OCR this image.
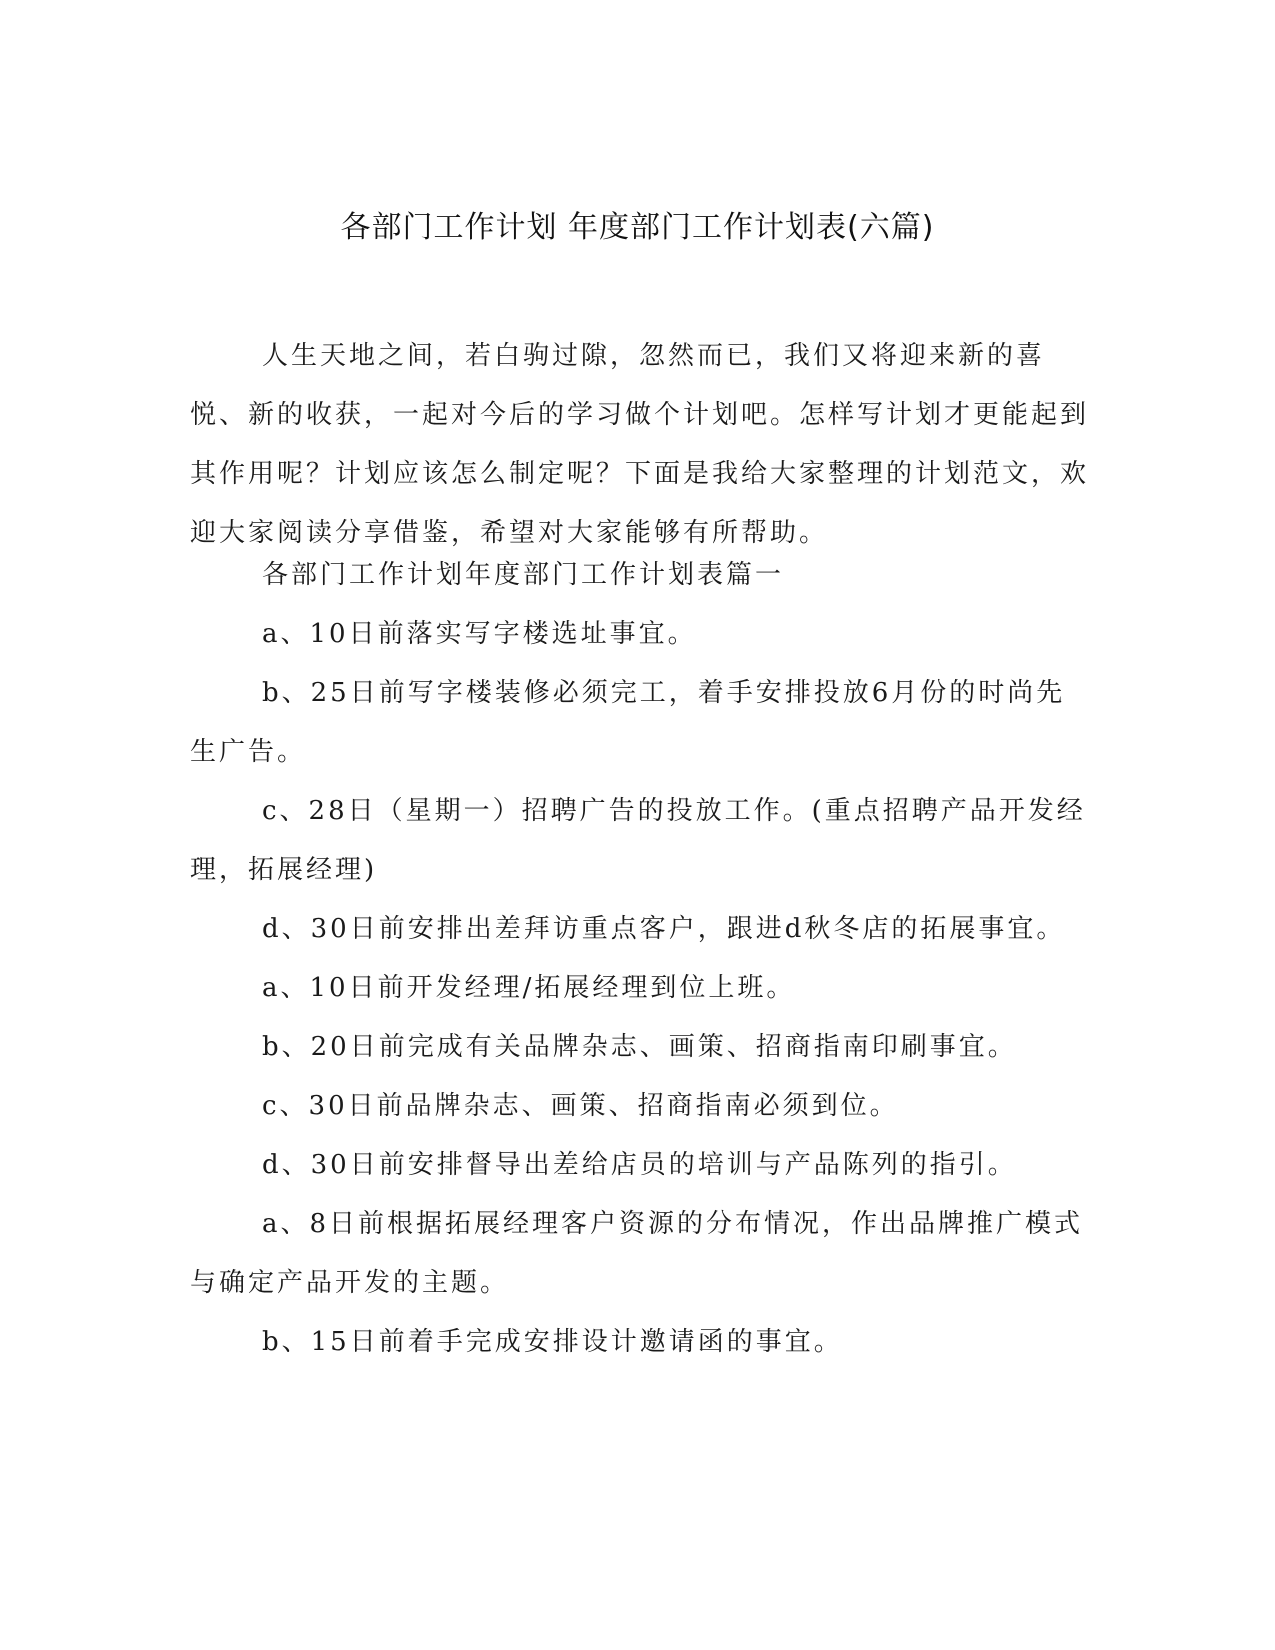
各部门工作计划 年度部门工作计划表(六篇)
人生天地之间，若白驹过隙，忽然而已，我们又将迎来新的喜悦、新的收获，一起对今后的学习做个计划吧。怎样写计划才更能起到其作用呢？计划应该怎么制定呢？下面是我给大家整理的计划范文，欢迎大家阅读分享借鉴，希望对大家能够有所帮助。

各部门工作计划年度部门工作计划表篇一

a、10日前落实写字楼选址事宜。

b、25日前写字楼装修必须完工，着手安排投放6月份的时尚先生广告。

c、28日（星期一）招聘广告的投放工作。(重点招聘产品开发经理，拓展经理)

d、30日前安排出差拜访重点客户，跟进d秋冬店的拓展事宜。

a、10日前开发经理/拓展经理到位上班。

b、20日前完成有关品牌杂志、画策、招商指南印刷事宜。

c、30日前品牌杂志、画策、招商指南必须到位。

d、30日前安排督导出差给店员的培训与产品陈列的指引。

a、8日前根据拓展经理客户资源的分布情况，作出品牌推广模式与确定产品开发的主题。

b、15日前着手完成安排设计邀请函的事宜。
